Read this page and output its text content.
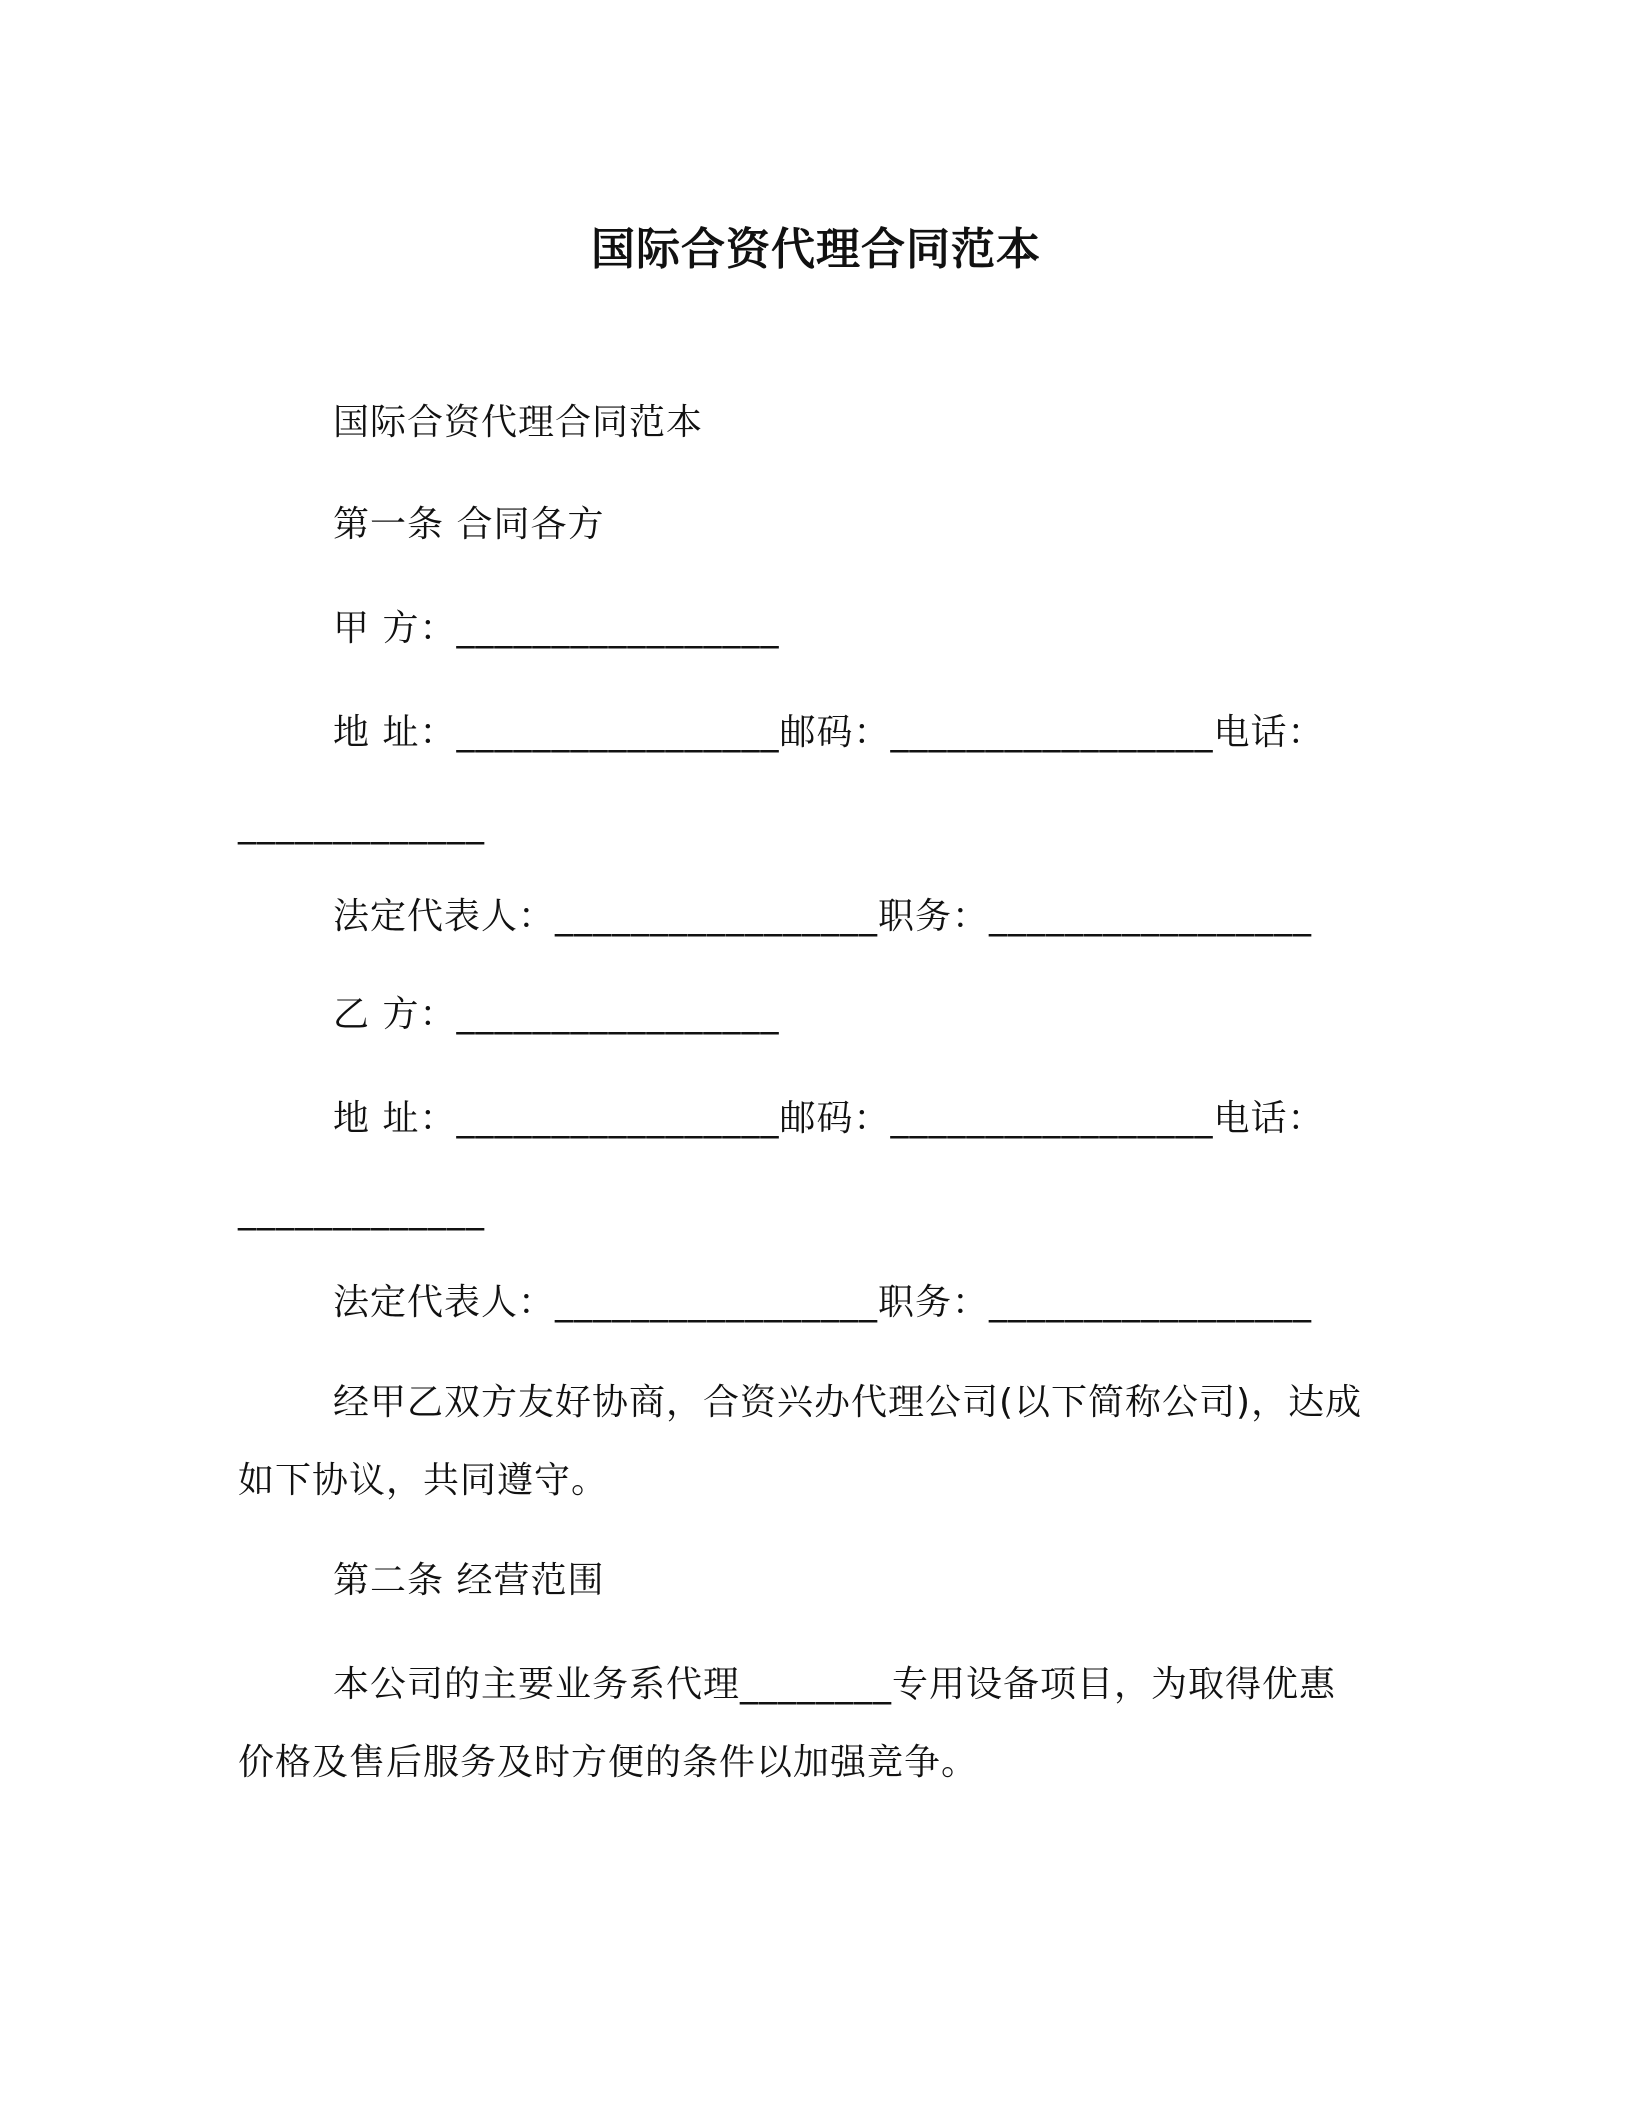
国际合资代理合同范本
国际合资代理合同范本
第一条 合同各方
甲 方：_________________
地 址：_________________邮码：_________________电话：
_____________
法定代表人：_________________职务：_________________
乙 方：_________________
地 址：_________________邮码：_________________电话：
_____________
法定代表人：_________________职务：_________________
经甲乙双方友好协商，合资兴办代理公司(以下简称公司)，达成
如下协议，共同遵守。
第二条 经营范围
本公司的主要业务系代理________专用设备项目，为取得优惠
价格及售后服务及时方便的条件以加强竞争。
